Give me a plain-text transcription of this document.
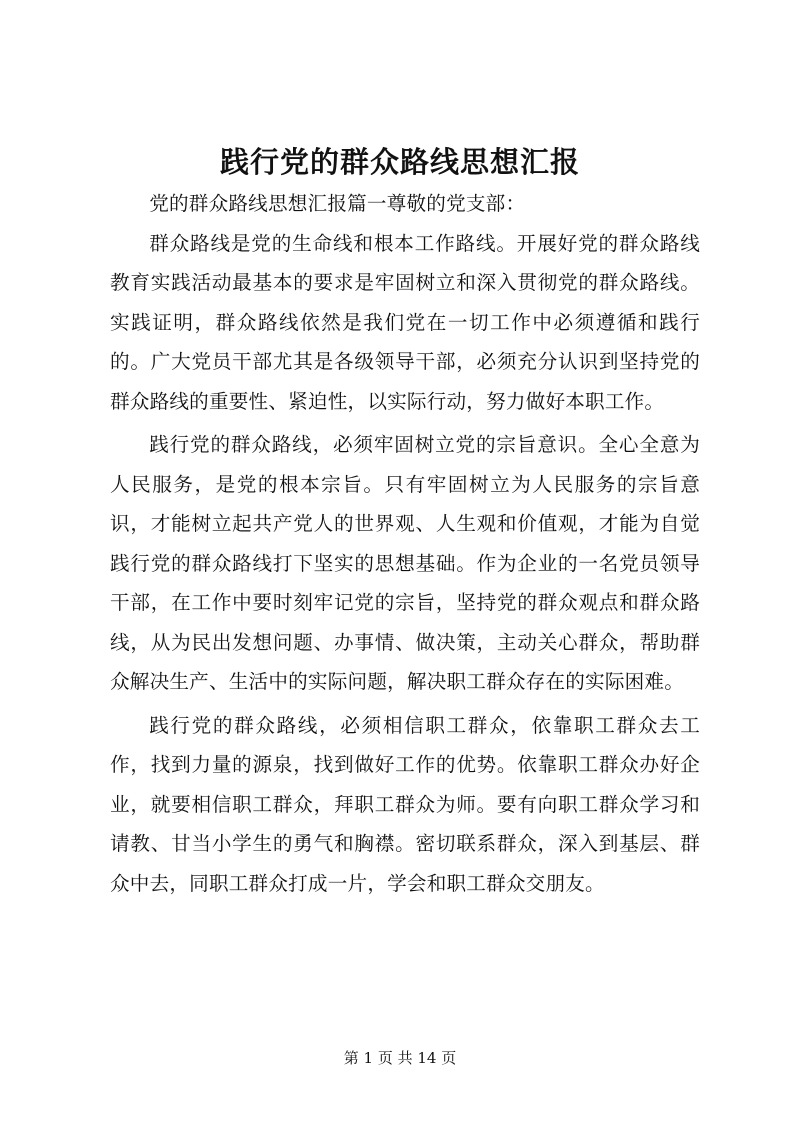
践行党的群众路线思想汇报

党的群众路线思想汇报篇一尊敬的党支部：

群众路线是党的生命线和根本工作路线。开展好党的群众路线教育实践活动最基本的要求是牢固树立和深入贯彻党的群众路线。实践证明，群众路线依然是我们党在一切工作中必须遵循和践行的。广大党员干部尤其是各级领导干部，必须充分认识到坚持党的群众路线的重要性、紧迫性，以实际行动，努力做好本职工作。

践行党的群众路线，必须牢固树立党的宗旨意识。全心全意为人民服务，是党的根本宗旨。只有牢固树立为人民服务的宗旨意识，才能树立起共产党人的世界观、人生观和价值观，才能为自觉践行党的群众路线打下坚实的思想基础。作为企业的一名党员领导干部，在工作中要时刻牢记党的宗旨，坚持党的群众观点和群众路线，从为民出发想问题、办事情、做决策，主动关心群众，帮助群众解决生产、生活中的实际问题，解决职工群众存在的实际困难。

践行党的群众路线，必须相信职工群众，依靠职工群众去工作，找到力量的源泉，找到做好工作的优势。依靠职工群众办好企业，就要相信职工群众，拜职工群众为师。要有向职工群众学习和请教、甘当小学生的勇气和胸襟。密切联系群众，深入到基层、群众中去，同职工群众打成一片，学会和职工群众交朋友。

第 1 页 共 14 页
